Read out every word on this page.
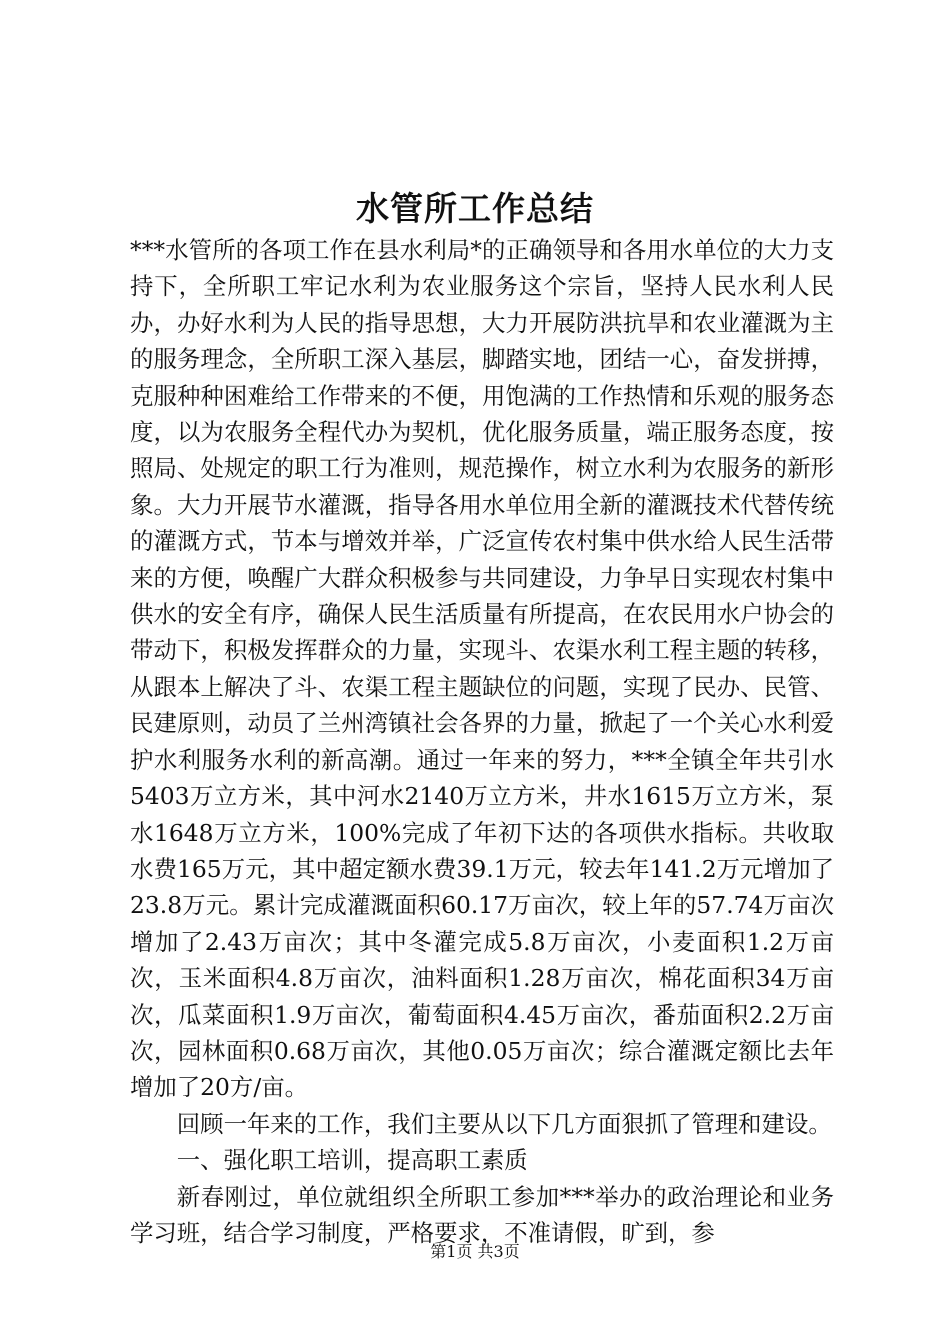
水管所工作总结

***水管所的各项工作在县水利局*的正确领导和各用水单位的大力支持下，全所职工牢记水利为农业服务这个宗旨，坚持人民水利人民办，办好水利为人民的指导思想，大力开展防洪抗旱和农业灌溉为主的服务理念，全所职工深入基层，脚踏实地，团结一心，奋发拼搏，克服种种困难给工作带来的不便，用饱满的工作热情和乐观的服务态度，以为农服务全程代办为契机，优化服务质量，端正服务态度，按照局、处规定的职工行为准则，规范操作，树立水利为农服务的新形象。大力开展节水灌溉，指导各用水单位用全新的灌溉技术代替传统的灌溉方式，节本与增效并举，广泛宣传农村集中供水给人民生活带来的方便，唤醒广大群众积极参与共同建设，力争早日实现农村集中供水的安全有序，确保人民生活质量有所提高，在农民用水户协会的带动下，积极发挥群众的力量，实现斗、农渠水利工程主题的转移，从跟本上解决了斗、农渠工程主题缺位的问题，实现了民办、民管、民建原则，动员了兰州湾镇社会各界的力量，掀起了一个关心水利爱护水利服务水利的新高潮。通过一年来的努力，***全镇全年共引水5403万立方米，其中河水2140万立方米，井水1615万立方米，泵水1648万立方米，100%完成了年初下达的各项供水指标。共收取水费165万元，其中超定额水费39.1万元，较去年141.2万元增加了23.8万元。累计完成灌溉面积60.17万亩次，较上年的57.74万亩次增加了2.43万亩次；其中冬灌完成5.8万亩次，小麦面积1.2万亩次，玉米面积4.8万亩次，油料面积1.28万亩次，棉花面积34万亩次，瓜菜面积1.9万亩次，葡萄面积4.45万亩次，番茄面积2.2万亩次，园林面积0.68万亩次，其他0.05万亩次；综合灌溉定额比去年增加了20方/亩。

回顾一年来的工作，我们主要从以下几方面狠抓了管理和建设。

一、强化职工培训，提高职工素质

新春刚过，单位就组织全所职工参加***举办的政治理论和业务学习班，结合学习制度，严格要求，不准请假，旷到，参

第1页 共3页
